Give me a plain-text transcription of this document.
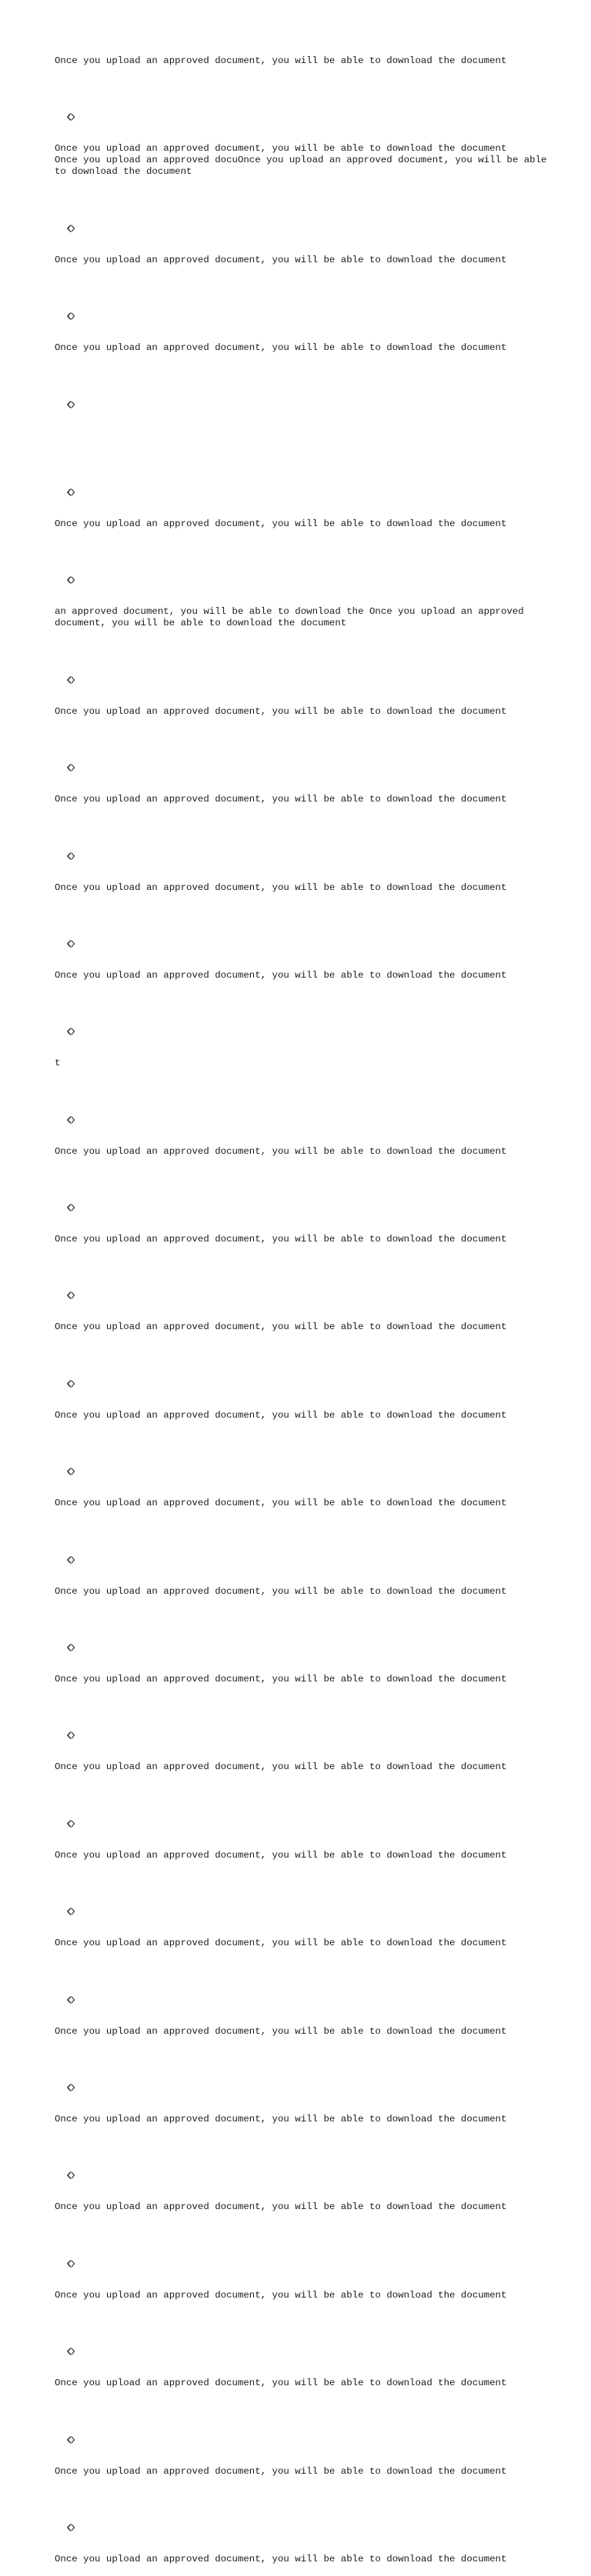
Once you upload an approved document, you will be able to download the document

Once you upload an approved document, you will be able to download the document
Once you upload an approved docuOnce you upload an approved document, you will be able to download the document

Once you upload an approved document, you will be able to download the document

Once you upload an approved document, you will be able to download the document

Once you upload an approved document, you will be able to download the document

an approved document, you will be able to download the Once you upload an approved document, you will be able to download the document

Once you upload an approved document, you will be able to download the document

Once you upload an approved document, you will be able to download the document

Once you upload an approved document, you will be able to download the document

Once you upload an approved document, you will be able to download the document

t

Once you upload an approved document, you will be able to download the document

Once you upload an approved document, you will be able to download the document

Once you upload an approved document, you will be able to download the document

Once you upload an approved document, you will be able to download the document

Once you upload an approved document, you will be able to download the document

Once you upload an approved document, you will be able to download the document

Once you upload an approved document, you will be able to download the document

Once you upload an approved document, you will be able to download the document

Once you upload an approved document, you will be able to download the document

Once you upload an approved document, you will be able to download the document

Once you upload an approved document, you will be able to download the document

Once you upload an approved document, you will be able to download the document

Once you upload an approved document, you will be able to download the document

Once you upload an approved document, you will be able to download the document

Once you upload an approved document, you will be able to download the document

Once you upload an approved document, you will be able to download the document

Once you upload an approved document, you will be able to download the document
